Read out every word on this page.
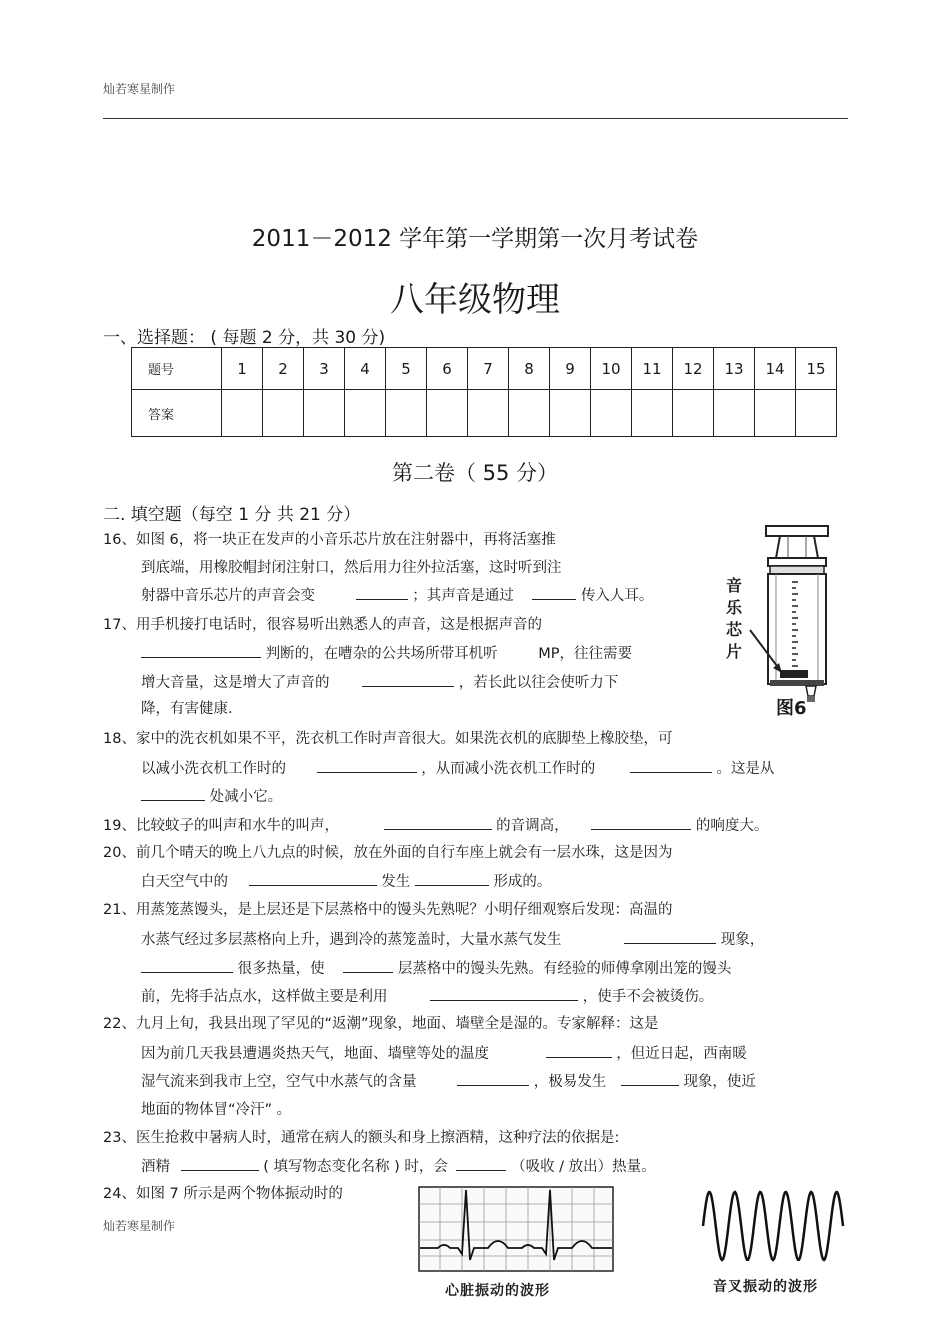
灿若寒星制作
2011－2012 学年第一学期第一次月考试卷
八年级物理
一、选择题： ( 每题 2 分，共 30 分)
题号	1	2	3	4	5	6	7	8	9	10	11	12	13	14	15
答案															
第二卷（ 55 分）
二. 填空题（每空 1 分 共 21 分）
16、如图 6，将一块正在发声的小音乐芯片放在注射器中，再将活塞推
到底端，用橡胶帽封闭注射口，然后用力往外拉活塞，这时听到注
射器中音乐芯片的声音会变	；其声音是通过	传入人耳。
17、用手机接打电话时，很容易听出熟悉人的声音，这是根据声音的
判断的，在嘈杂的公共场所带耳机听	MP，往往需要
增大音量，这是增大了声音的	，若长此以往会使听力下
降，有害健康.
18、家中的洗衣机如果不平，洗衣机工作时声音很大。如果洗衣机的底脚垫上橡胶垫，可
以减小洗衣机工作时的	，从而减小洗衣机工作时的	。这是从
处减小它。
19、比较蚊子的叫声和水牛的叫声，	的音调高，	的响度大。
20、前几个晴天的晚上八九点的时候，放在外面的自行车座上就会有一层水珠，这是因为
白天空气中的	发生	形成的。
21、用蒸笼蒸馒头，是上层还是下层蒸格中的馒头先熟呢？小明仔细观察后发现：高温的
水蒸气经过多层蒸格向上升，遇到冷的蒸笼盖时，大量水蒸气发生	现象，
很多热量，使	层蒸格中的馒头先熟。有经验的师傅拿刚出笼的馒头
前，先将手沾点水，这样做主要是利用	，使手不会被烫伤。
22、九月上旬，我县出现了罕见的“返潮”现象，地面、墙壁全是湿的。专家解释：这是
因为前几天我县遭遇炎热天气，地面、墙壁等处的温度	，但近日起，西南暖
湿气流来到我市上空，空气中水蒸气的含量	，极易发生	现象，使近
地面的物体冒“冷汗” 。
23、医生抢救中暑病人时，通常在病人的额头和身上擦酒精，这种疗法的依据是:
酒精	( 填写物态变化名称 ) 时，会	（吸收 / 放出）热量。
24、如图 7 所示是两个物体振动时的
灿若寒星制作
音
乐
芯
片
图6
心脏振动的波形	音叉振动的波形
